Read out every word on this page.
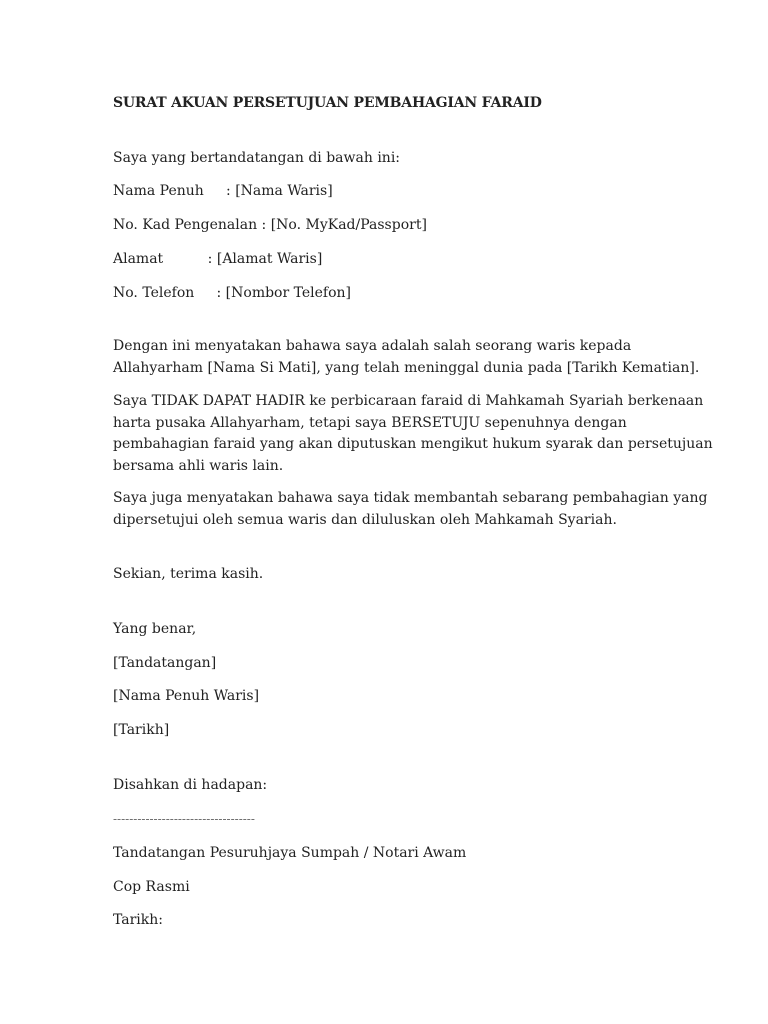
SURAT AKUAN PERSETUJUAN PEMBAHAGIAN FARAID

Saya yang bertandatangan di bawah ini:

Nama Penuh     : [Nama Waris]

No. Kad Pengenalan : [No. MyKad/Passport]

Alamat          : [Alamat Waris]

No. Telefon     : [Nombor Telefon]

Dengan ini menyatakan bahawa saya adalah salah seorang waris kepada
Allahyarham [Nama Si Mati], yang telah meninggal dunia pada [Tarikh Kematian].
Saya TIDAK DAPAT HADIR ke perbicaraan faraid di Mahkamah Syariah berkenaan
harta pusaka Allahyarham, tetapi saya BERSETUJU sepenuhnya dengan
pembahagian faraid yang akan diputuskan mengikut hukum syarak dan persetujuan
bersama ahli waris lain.
Saya juga menyatakan bahawa saya tidak membantah sebarang pembahagian yang
dipersetujui oleh semua waris dan diluluskan oleh Mahkamah Syariah.

Sekian, terima kasih.

Yang benar,

[Tandatangan]

[Nama Penuh Waris]

[Tarikh]

Disahkan di hadapan:

-----------------------------------

Tandatangan Pesuruhjaya Sumpah / Notari Awam

Cop Rasmi

Tarikh:
